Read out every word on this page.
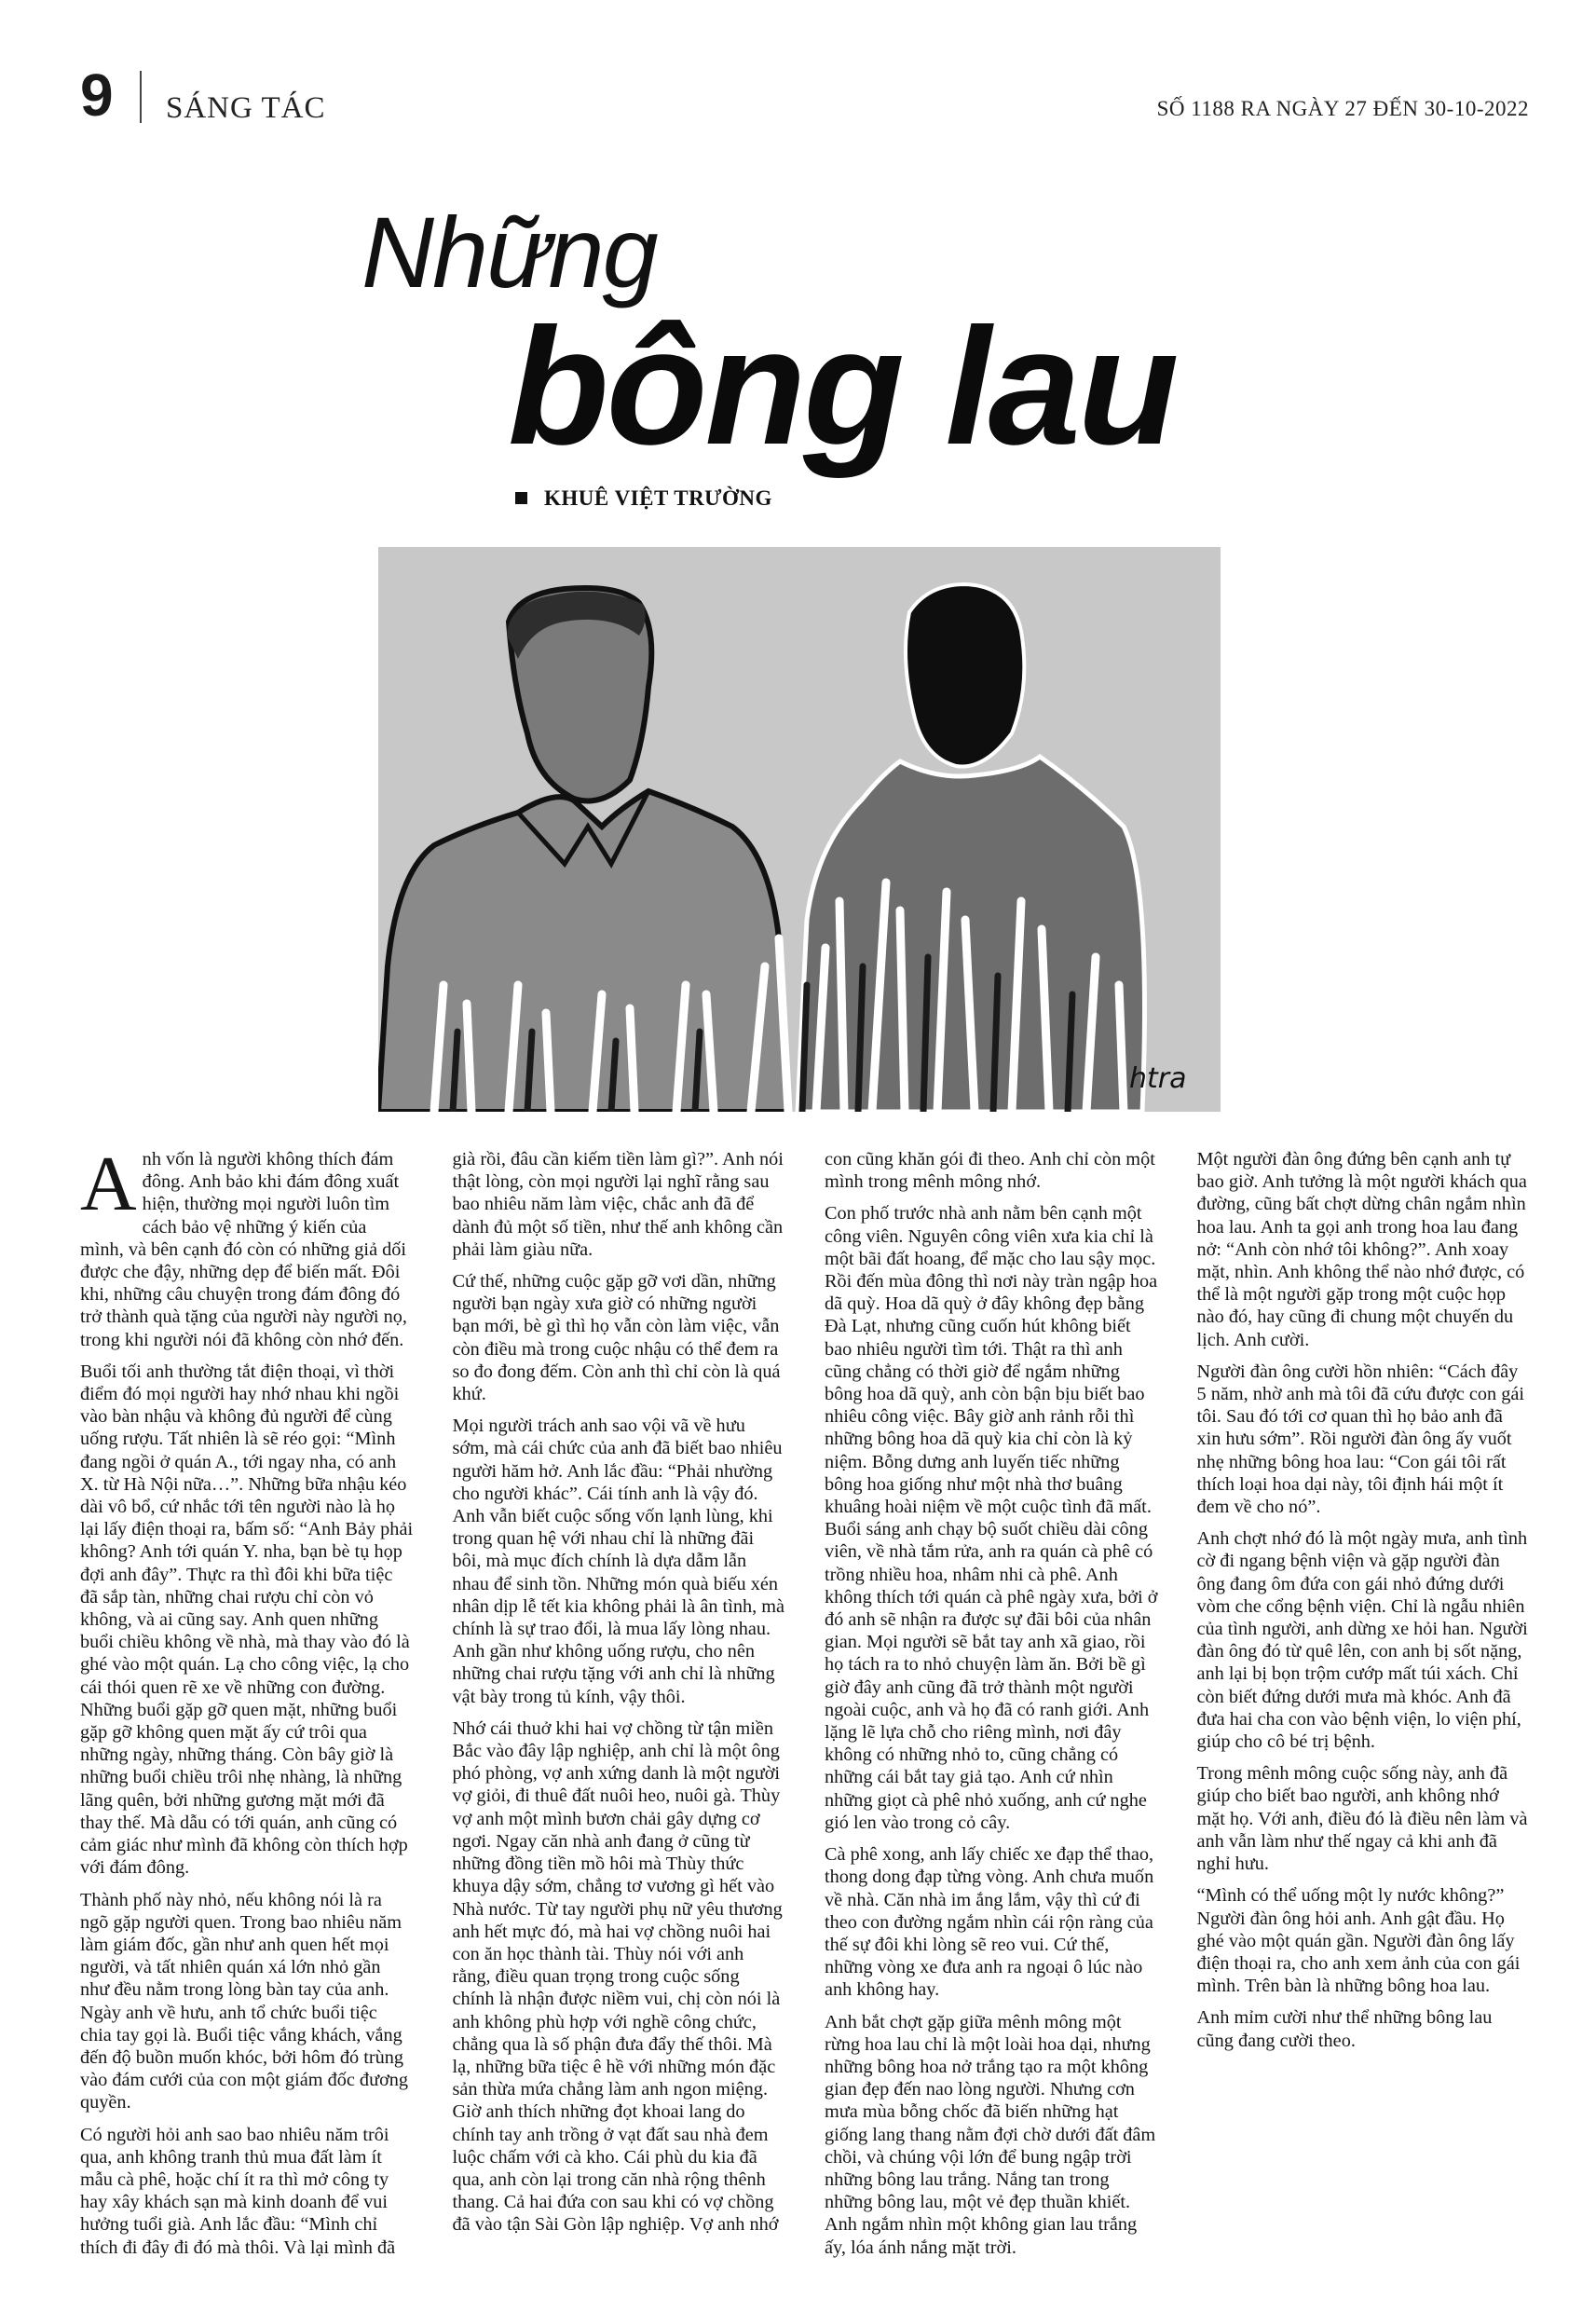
9 SÁNG TÁC	SỐ 1188 RA NGÀY 27 ĐẾN 30-10-2022
Những
bông lau
KHUÊ VIỆT TRƯỜNG
htra

Anh vốn là người không thích đám đông. Anh bảo khi đám đông xuất hiện, thường mọi người luôn tìm cách bảo vệ những ý kiến của mình, và bên cạnh đó còn có những giả dối được che đậy, những dẹp để biến mất. Đôi khi, những câu chuyện trong đám đông đó trở thành quà tặng của người này người nọ, trong khi người nói đã không còn nhớ đến.

Buổi tối anh thường tắt điện thoại, vì thời điểm đó mọi người hay nhớ nhau khi ngồi vào bàn nhậu và không đủ người để cùng uống rượu. Tất nhiên là sẽ réo gọi: “Mình đang ngồi ở quán A., tới ngay nha, có anh X. từ Hà Nội nữa…”. Những bữa nhậu kéo dài vô bổ, cứ nhắc tới tên người nào là họ lại lấy điện thoại ra, bấm số: “Anh Bảy phải không? Anh tới quán Y. nha, bạn bè tụ họp đợi anh đây”. Thực ra thì đôi khi bữa tiệc đã sắp tàn, những chai rượu chỉ còn vỏ không, và ai cũng say. Anh quen những buổi chiều không về nhà, mà thay vào đó là ghé vào một quán. Lạ cho công việc, lạ cho cái thói quen rẽ xe về những con đường. Những buổi gặp gỡ quen mặt, những buổi gặp gỡ không quen mặt ấy cứ trôi qua những ngày, những tháng. Còn bây giờ là những buổi chiều trôi nhẹ nhàng, là những lãng quên, bởi những gương mặt mới đã thay thế. Mà dẫu có tới quán, anh cũng có cảm giác như mình đã không còn thích hợp với đám đông.

Thành phố này nhỏ, nếu không nói là ra ngõ gặp người quen. Trong bao nhiêu năm làm giám đốc, gần như anh quen hết mọi người, và tất nhiên quán xá lớn nhỏ gần như đều nằm trong lòng bàn tay của anh. Ngày anh về hưu, anh tổ chức buổi tiệc chia tay gọi là. Buổi tiệc vắng khách, vắng đến độ buồn muốn khóc, bởi hôm đó trùng vào đám cưới của con một giám đốc đương quyền.

Có người hỏi anh sao bao nhiêu năm trôi qua, anh không tranh thủ mua đất làm ít mẫu cà phê, hoặc chí ít ra thì mở công ty hay xây khách sạn mà kinh doanh để vui hưởng tuổi già. Anh lắc đầu: “Mình chỉ thích đi đây đi đó mà thôi. Và lại mình đã già rồi, đâu cần kiếm tiền làm gì?”. Anh nói thật lòng, còn mọi người lại nghĩ rằng sau bao nhiêu năm làm việc, chắc anh đã để dành đủ một số tiền, như thế anh không cần phải làm giàu nữa.

Cứ thế, những cuộc gặp gỡ vơi dần, những người bạn ngày xưa giờ có những người bạn mới, bè gì thì họ vẫn còn làm việc, vẫn còn điều mà trong cuộc nhậu có thể đem ra so đo đong đếm. Còn anh thì chỉ còn là quá khứ.

Mọi người trách anh sao vội vã về hưu sớm, mà cái chức của anh đã biết bao nhiêu người hăm hở. Anh lắc đầu: “Phải nhường cho người khác”. Cái tính anh là vậy đó. Anh vẫn biết cuộc sống vốn lạnh lùng, khi trong quan hệ với nhau chỉ là những đãi bôi, mà mục đích chính là dựa dẫm lẫn nhau để sinh tồn. Những món quà biếu xén nhân dịp lễ tết kia không phải là ân tình, mà chính là sự trao đổi, là mua lấy lòng nhau. Anh gần như không uống rượu, cho nên những chai rượu tặng với anh chỉ là những vật bày trong tủ kính, vậy thôi.

Nhớ cái thuở khi hai vợ chồng từ tận miền Bắc vào đây lập nghiệp, anh chỉ là một ông phó phòng, vợ anh xứng danh là một người vợ giỏi, đi thuê đất nuôi heo, nuôi gà. Thùy vợ anh một mình bươn chải gây dựng cơ ngơi. Ngay căn nhà anh đang ở cũng từ những đồng tiền mồ hôi mà Thùy thức khuya dậy sớm, chẳng tơ vương gì hết vào Nhà nước. Từ tay người phụ nữ yêu thương anh hết mực đó, mà hai vợ chồng nuôi hai con ăn học thành tài. Thùy nói với anh rằng, điều quan trọng trong cuộc sống chính là nhận được niềm vui, chị còn nói là anh không phù hợp với nghề công chức, chẳng qua là số phận đưa đẩy thế thôi. Mà lạ, những bữa tiệc ê hề với những món đặc sản thừa mứa chẳng làm anh ngon miệng. Giờ anh thích những đọt khoai lang do chính tay anh trồng ở vạt đất sau nhà đem luộc chấm với cà kho. Cái phù du kia đã qua, anh còn lại trong căn nhà rộng thênh thang. Cả hai đứa con sau khi có vợ chồng đã vào tận Sài Gòn lập nghiệp. Vợ anh nhớ con cũng khăn gói đi theo. Anh chỉ còn một mình trong mênh mông nhớ.

Con phố trước nhà anh nằm bên cạnh một công viên. Nguyên công viên xưa kia chỉ là một bãi đất hoang, để mặc cho lau sậy mọc. Rồi đến mùa đông thì nơi này tràn ngập hoa dã quỳ. Hoa dã quỳ ở đây không đẹp bằng Đà Lạt, nhưng cũng cuốn hút không biết bao nhiêu người tìm tới. Thật ra thì anh cũng chẳng có thời giờ để ngắm những bông hoa dã quỳ, anh còn bận bịu biết bao nhiêu công việc. Bây giờ anh rảnh rỗi thì những bông hoa dã quỳ kia chỉ còn là kỷ niệm. Bỗng dưng anh luyến tiếc những bông hoa giống như một nhà thơ buâng khuâng hoài niệm về một cuộc tình đã mất. Buổi sáng anh chạy bộ suốt chiều dài công viên, về nhà tắm rửa, anh ra quán cà phê có trồng nhiều hoa, nhâm nhi cà phê. Anh không thích tới quán cà phê ngày xưa, bởi ở đó anh sẽ nhận ra được sự đãi bôi của nhân gian. Mọi người sẽ bắt tay anh xã giao, rồi họ tách ra to nhỏ chuyện làm ăn. Bởi bề gì giờ đây anh cũng đã trở thành một người ngoài cuộc, anh và họ đã có ranh giới. Anh lặng lẽ lựa chỗ cho riêng mình, nơi đây không có những nhỏ to, cũng chẳng có những cái bắt tay giả tạo. Anh cứ nhìn những giọt cà phê nhỏ xuống, anh cứ nghe gió len vào trong cỏ cây.

Cà phê xong, anh lấy chiếc xe đạp thể thao, thong dong đạp từng vòng. Anh chưa muốn về nhà. Căn nhà im ắng lắm, vậy thì cứ đi theo con đường ngắm nhìn cái rộn ràng của thế sự đôi khi lòng sẽ reo vui. Cứ thế, những vòng xe đưa anh ra ngoại ô lúc nào anh không hay.

Anh bắt chợt gặp giữa mênh mông một rừng hoa lau chỉ là một loài hoa dại, nhưng những bông hoa nở trắng tạo ra một không gian đẹp đến nao lòng người. Nhưng cơn mưa mùa bỗng chốc đã biến những hạt giống lang thang nằm đợi chờ dưới đất đâm chồi, và chúng vội lớn để bung ngập trời những bông lau trắng. Nắng tan trong những bông lau, một vẻ đẹp thuần khiết. Anh ngắm nhìn một không gian lau trắng ấy, lóa ánh nắng mặt trời.

Một người đàn ông đứng bên cạnh anh tự bao giờ. Anh tưởng là một người khách qua đường, cũng bất chợt dừng chân ngắm nhìn hoa lau. Anh ta gọi anh trong hoa lau đang nở: “Anh còn nhớ tôi không?”. Anh xoay mặt, nhìn. Anh không thể nào nhớ được, có thể là một người gặp trong một cuộc họp nào đó, hay cũng đi chung một chuyến du lịch. Anh cười.

Người đàn ông cười hồn nhiên: “Cách đây 5 năm, nhờ anh mà tôi đã cứu được con gái tôi. Sau đó tới cơ quan thì họ bảo anh đã xin hưu sớm”. Rồi người đàn ông ấy vuốt nhẹ những bông hoa lau: “Con gái tôi rất thích loại hoa dại này, tôi định hái một ít đem về cho nó”.

Anh chợt nhớ đó là một ngày mưa, anh tình cờ đi ngang bệnh viện và gặp người đàn ông đang ôm đứa con gái nhỏ đứng dưới vòm che cổng bệnh viện. Chỉ là ngẫu nhiên của tình người, anh dừng xe hỏi han. Người đàn ông đó từ quê lên, con anh bị sốt nặng, anh lại bị bọn trộm cướp mất túi xách. Chỉ còn biết đứng dưới mưa mà khóc. Anh đã đưa hai cha con vào bệnh viện, lo viện phí, giúp cho cô bé trị bệnh.

Trong mênh mông cuộc sống này, anh đã giúp cho biết bao người, anh không nhớ mặt họ. Với anh, điều đó là điều nên làm và anh vẫn làm như thế ngay cả khi anh đã nghỉ hưu.

“Mình có thể uống một ly nước không?” Người đàn ông hỏi anh. Anh gật đầu. Họ ghé vào một quán gần. Người đàn ông lấy điện thoại ra, cho anh xem ảnh của con gái mình. Trên bàn là những bông hoa lau.

Anh mỉm cười như thể những bông lau cũng đang cười theo.
